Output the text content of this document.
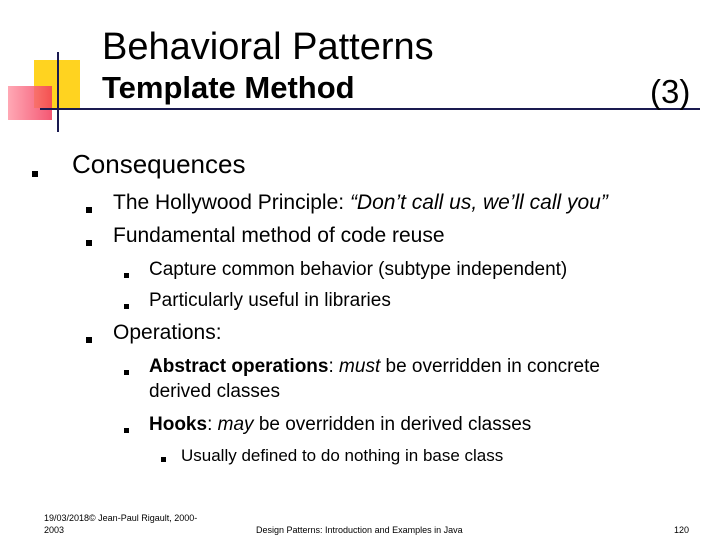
Behavioral Patterns
Template Method	(3)
Consequences
The Hollywood Principle: “Don’t call us, we’ll call you”
Fundamental method of code reuse
Capture common behavior (subtype independent)
Particularly useful in libraries
Operations:
Abstract operations: must be overridden in concrete
derived classes
Hooks: may be overridden in derived classes
Usually defined to do nothing in base class
19/03/2018© Jean-Paul Rigault, 2000-
2003	Design Patterns: Introduction and Examples in Java	120
